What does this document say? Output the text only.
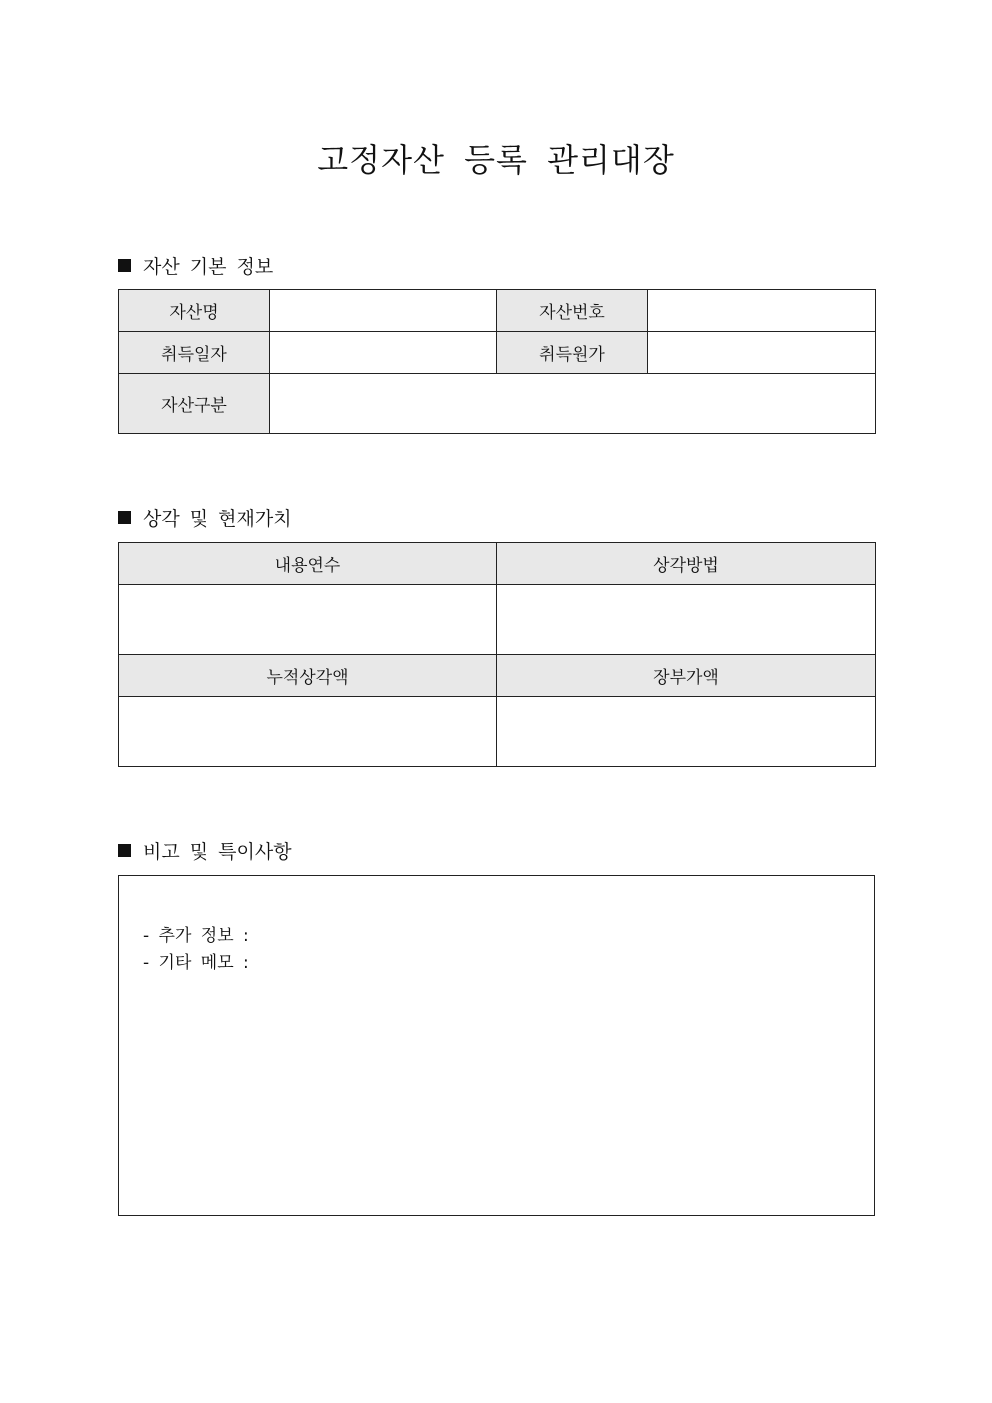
고정자산 등록 관리대장
자산 기본 정보
자산명		자산번호	
취득일자		취득원가	
자산구분			
상각 및 현재가치
내용연수	상각방법

누적상각액	장부가액

비고 및 특이사항
- 추가 정보 :
- 기타 메모 :
